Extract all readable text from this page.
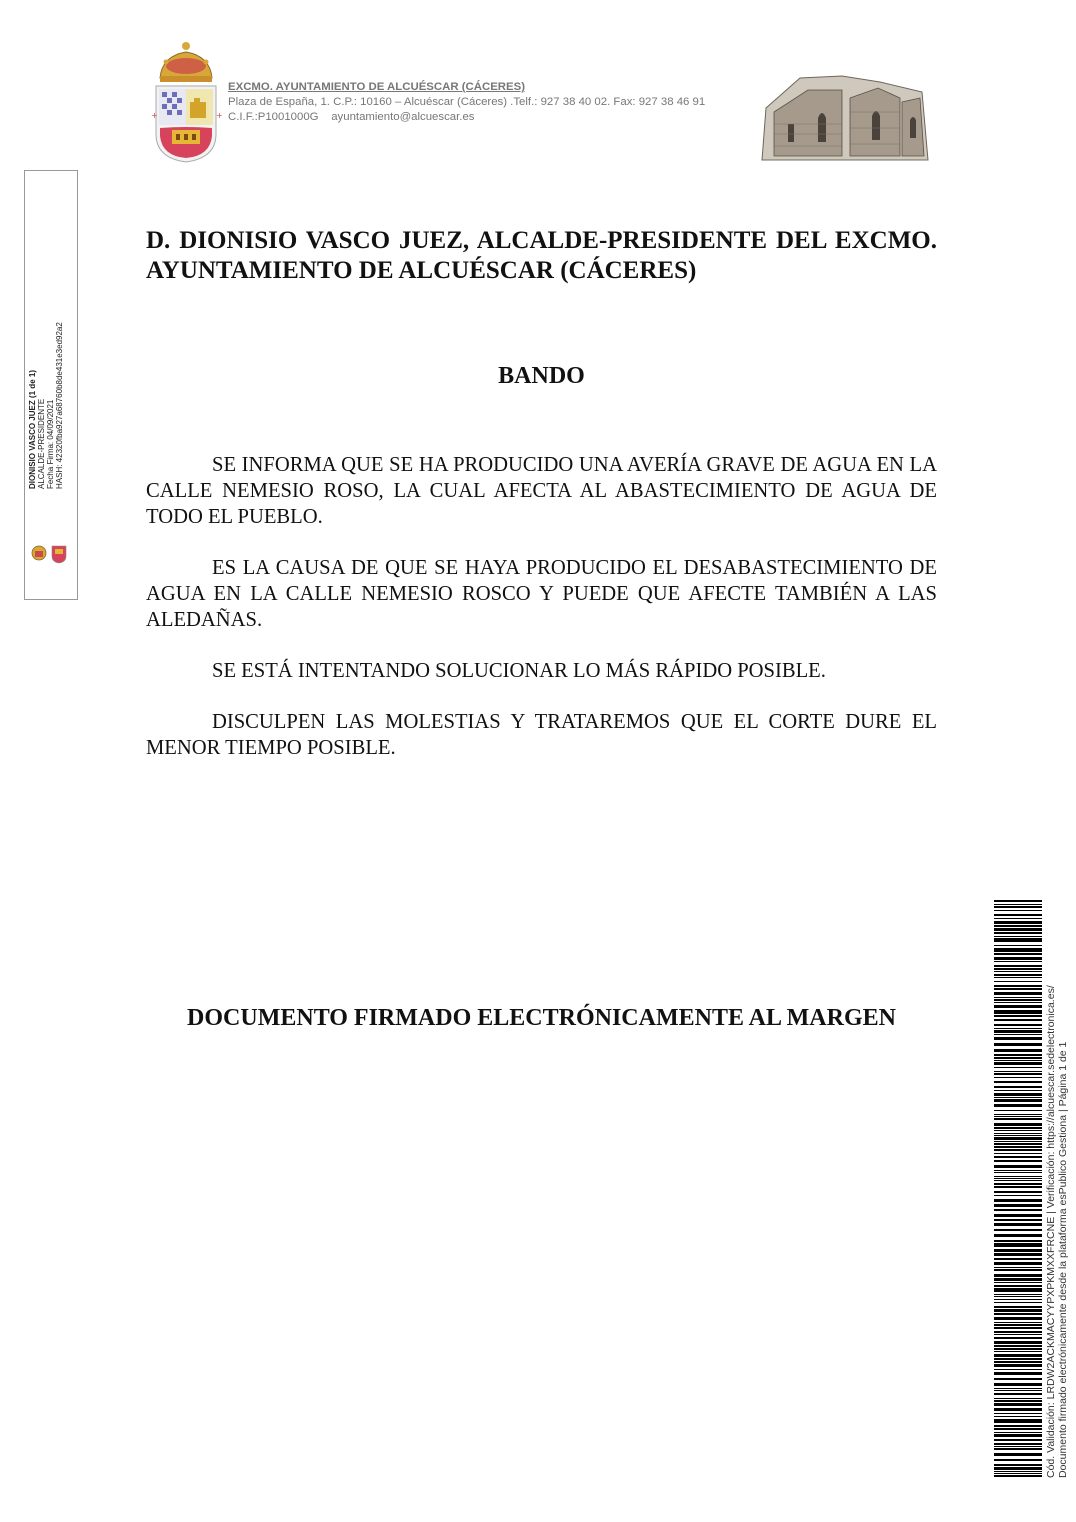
+	+
EXCMO. AYUNTAMIENTO DE ALCUÉSCAR (CÁCERES)
Plaza de España, 1. C.P.: 10160 – Alcuéscar (Cáceres) .Telf.: 927 38 40 02. Fax: 927 38 46 91
C.I.F.:P1001000G    ayuntamiento@alcuescar.es
DIONISIO VASCO JUEZ (1 de 1) ALCALDE-PRESIDENTE Fecha Firma: 04/09/2021 HASH: 42320fba927a68760b8de431e3ed92a2
D. DIONISIO VASCO JUEZ, ALCALDE-PRESIDENTE DEL EXCMO. AYUNTAMIENTO DE ALCUÉSCAR (CÁCERES)
BANDO
SE INFORMA QUE SE HA PRODUCIDO UNA AVERÍA GRAVE DE AGUA EN LA CALLE NEMESIO ROSO, LA CUAL AFECTA AL ABASTECIMIENTO DE AGUA DE TODO EL PUEBLO.
ES LA CAUSA DE QUE SE HAYA PRODUCIDO EL DESABASTECIMIENTO DE AGUA EN LA CALLE NEMESIO ROSCO Y PUEDE QUE AFECTE TAMBIÉN A LAS ALEDAÑAS.
SE ESTÁ INTENTANDO SOLUCIONAR LO MÁS RÁPIDO POSIBLE.
DISCULPEN LAS MOLESTIAS Y TRATAREMOS QUE EL CORTE DURE EL MENOR TIEMPO POSIBLE.
DOCUMENTO FIRMADO ELECTRÓNICAMENTE AL MARGEN	Cód. Validación: LRDW2ACKMACYYPXPKMXXFRCNE | Verificación: https://alcuescar.sedelectronica.es/ Documento firmado electrónicamente desde la plataforma esPublico Gestiona | Página 1 de 1
